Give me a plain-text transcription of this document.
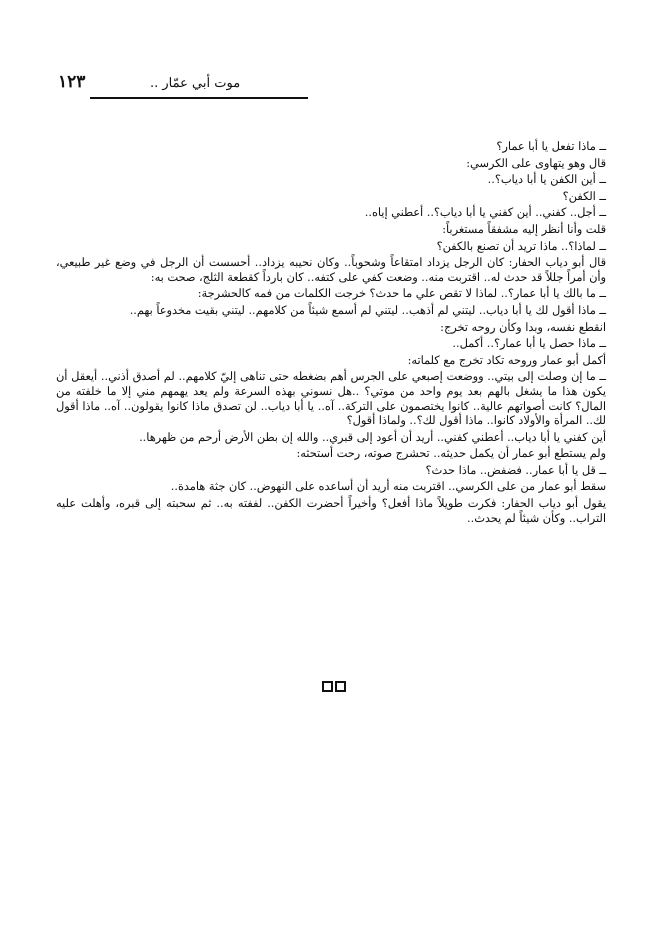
١٢٣	موت أبي عمّار ..

ــ ماذا تفعل يا أبا عمار؟

قال وهو يتهاوى على الكرسي:

ــ أين الكفن يا أبا دياب؟..

ــ الكفن؟

ــ أجل.. كفني.. أين كفني يا أبا دياب؟.. أعطني إياه..

قلت وأنا أنظر إليه مشفقاً مستغرباً:

ــ لماذا؟.. ماذا تريد أن تصنع بالكفن؟

قال أبو دياب الحفار: كان الرجل يزداد امتقاعاً وشحوباً.. وكان نحيبه يزداد.. أحسست أن الرجل في وضع غير طبيعي، وأن أمراً جللاً قد حدث له.. اقتربت منه.. وضعت كفي على كتفه.. كان بارداً كقطعة الثلج، صحت به:

ــ ما بالك يا أبا عمار؟.. لماذا لا تقص علي ما حدث؟ خرجت الكلمات من فمه كالحشرجة:

ــ ماذا أقول لك يا أبا دياب.. ليتني لم أذهب.. ليتني لم أسمع شيئاً من كلامهم.. ليتني بقيت مخدوعاً بهم..

انقطع نفسه، وبدا وكأن روحه تخرج:

ــ ماذا حصل يا أبا عمار؟.. أكمل..

أكمل أبو عمار وروحه تكاد تخرج مع كلماته:

ــ ما إن وصلت إلى بيتي.. ووضعت إصبعي على الجرس أهم بضغطه حتى تناهى إليّ كلامهم.. لم أصدق أذني.. أيعقل أن يكون هذا ما يشغل بالهم بعد يوم واحد من موتي؟ ..هل نسوني بهذه السرعة ولم يعد يهمهم مني إلا ما خلفته من المال؟ كانت أصواتهم عالية.. كانوا يختصمون على التركة.. آه.. يا أبا دياب.. لن تصدق ماذا كانوا يقولون.. آه.. ماذا أقول لك.. المرأة والأولاد كانوا.. ماذا أقول لك؟.. ولماذا أقول؟

أين كفني يا أبا دياب.. أعطني كفني.. أريد أن أعود إلى قبري.. والله إن بطن الأرض أرحم من ظهرها..

ولم يستطع أبو عمار أن يكمل حديثه.. تحشرج صوته، رحت أستحثه:

ــ قل يا أبا عمار.. فضفض.. ماذا حدث؟

سقط أبو عمار من على الكرسي.. اقتربت منه أريد أن أساعده على النهوض.. كان جثة هامدة..

يقول أبو دياب الحفار: فكرت طويلاً ماذا أفعل؟ وأخيراً أحضرت الكفن.. لففته به.. ثم سحبته إلى قبره، وأهلت عليه التراب.. وكأن شيئاً لم يحدث..
